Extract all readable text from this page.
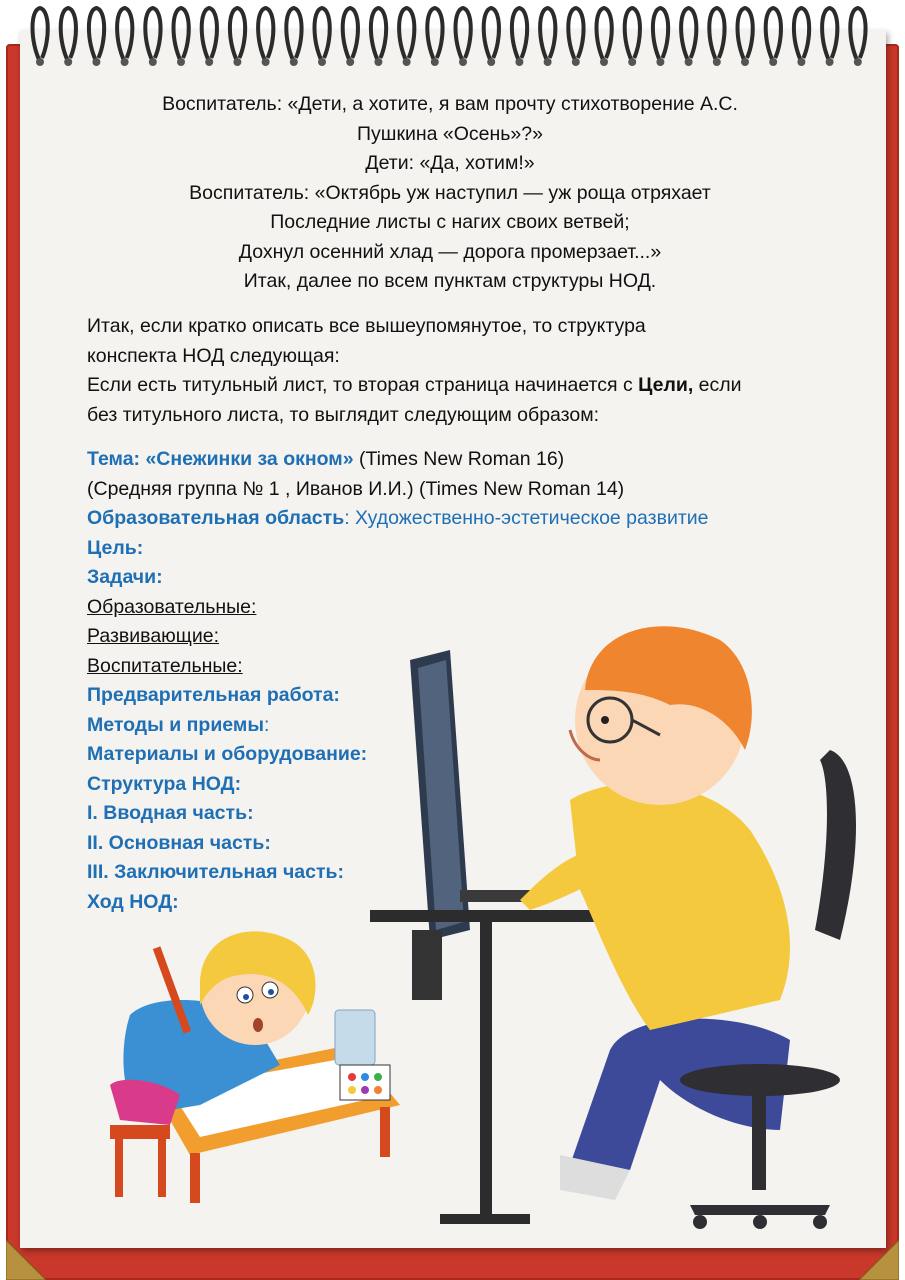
Воспитатель: «Дети, а хотите, я вам прочту стихотворение А.С.
Пушкина «Осень»?»
Дети: «Да, хотим!»
Воспитатель: «Октябрь уж наступил — уж роща отряхает
Последние листы с нагих своих ветвей;
Дохнул осенний хлад — дорога промерзает...»
Итак, далее по всем пунктам структуры НОД.
Итак, если кратко описать все вышеупомянутое, то структура
конспекта НОД следующая:
Если есть титульный лист, то вторая страница начинается с Цели, если
без титульного листа, то выглядит следующим образом:
Тема: «Снежинки за окном» (Times New Roman 16)
(Средняя группа № 1 , Иванов И.И.) (Times New Roman 14)
Образовательная область: Художественно-эстетическое развитие
Цель:
Задачи:
Образовательные:
Развивающие:
Воспитательные:
Предварительная работа:
Методы и приемы:
Материалы и оборудование:
Структура НОД:
I. Вводная часть:
II. Основная часть:
III. Заключительная часть:
Ход НОД:
